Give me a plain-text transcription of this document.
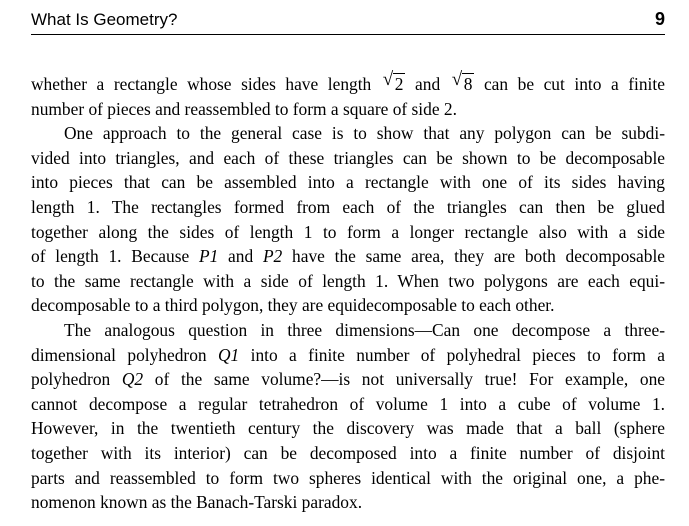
What Is Geometry?	9
whether a rectangle whose sides have length √ 2 and √ 8 can be cut into a finite
number of pieces and reassembled to form a square of side 2.
One approach to the general case is to show that any polygon can be subdi-
vided into triangles, and each of these triangles can be shown to be decomposable
into pieces that can be assembled into a rectangle with one of its sides having
length 1. The rectangles formed from each of the triangles can then be glued
together along the sides of length 1 to form a longer rectangle also with a side
of length 1. Because P1 and P2 have the same area, they are both decomposable
to the same rectangle with a side of length 1. When two polygons are each equi-
decomposable to a third polygon, they are equidecomposable to each other.
The analogous question in three dimensions—Can one decompose a three-
dimensional polyhedron Q1 into a finite number of polyhedral pieces to form a
polyhedron Q2 of the same volume?—is not universally true! For example, one
cannot decompose a regular tetrahedron of volume 1 into a cube of volume 1.
However, in the twentieth century the discovery was made that a ball (sphere
together with its interior) can be decomposed into a finite number of disjoint
parts and reassembled to form two spheres identical with the original one, a phe-
nomenon known as the Banach-Tarski paradox.
